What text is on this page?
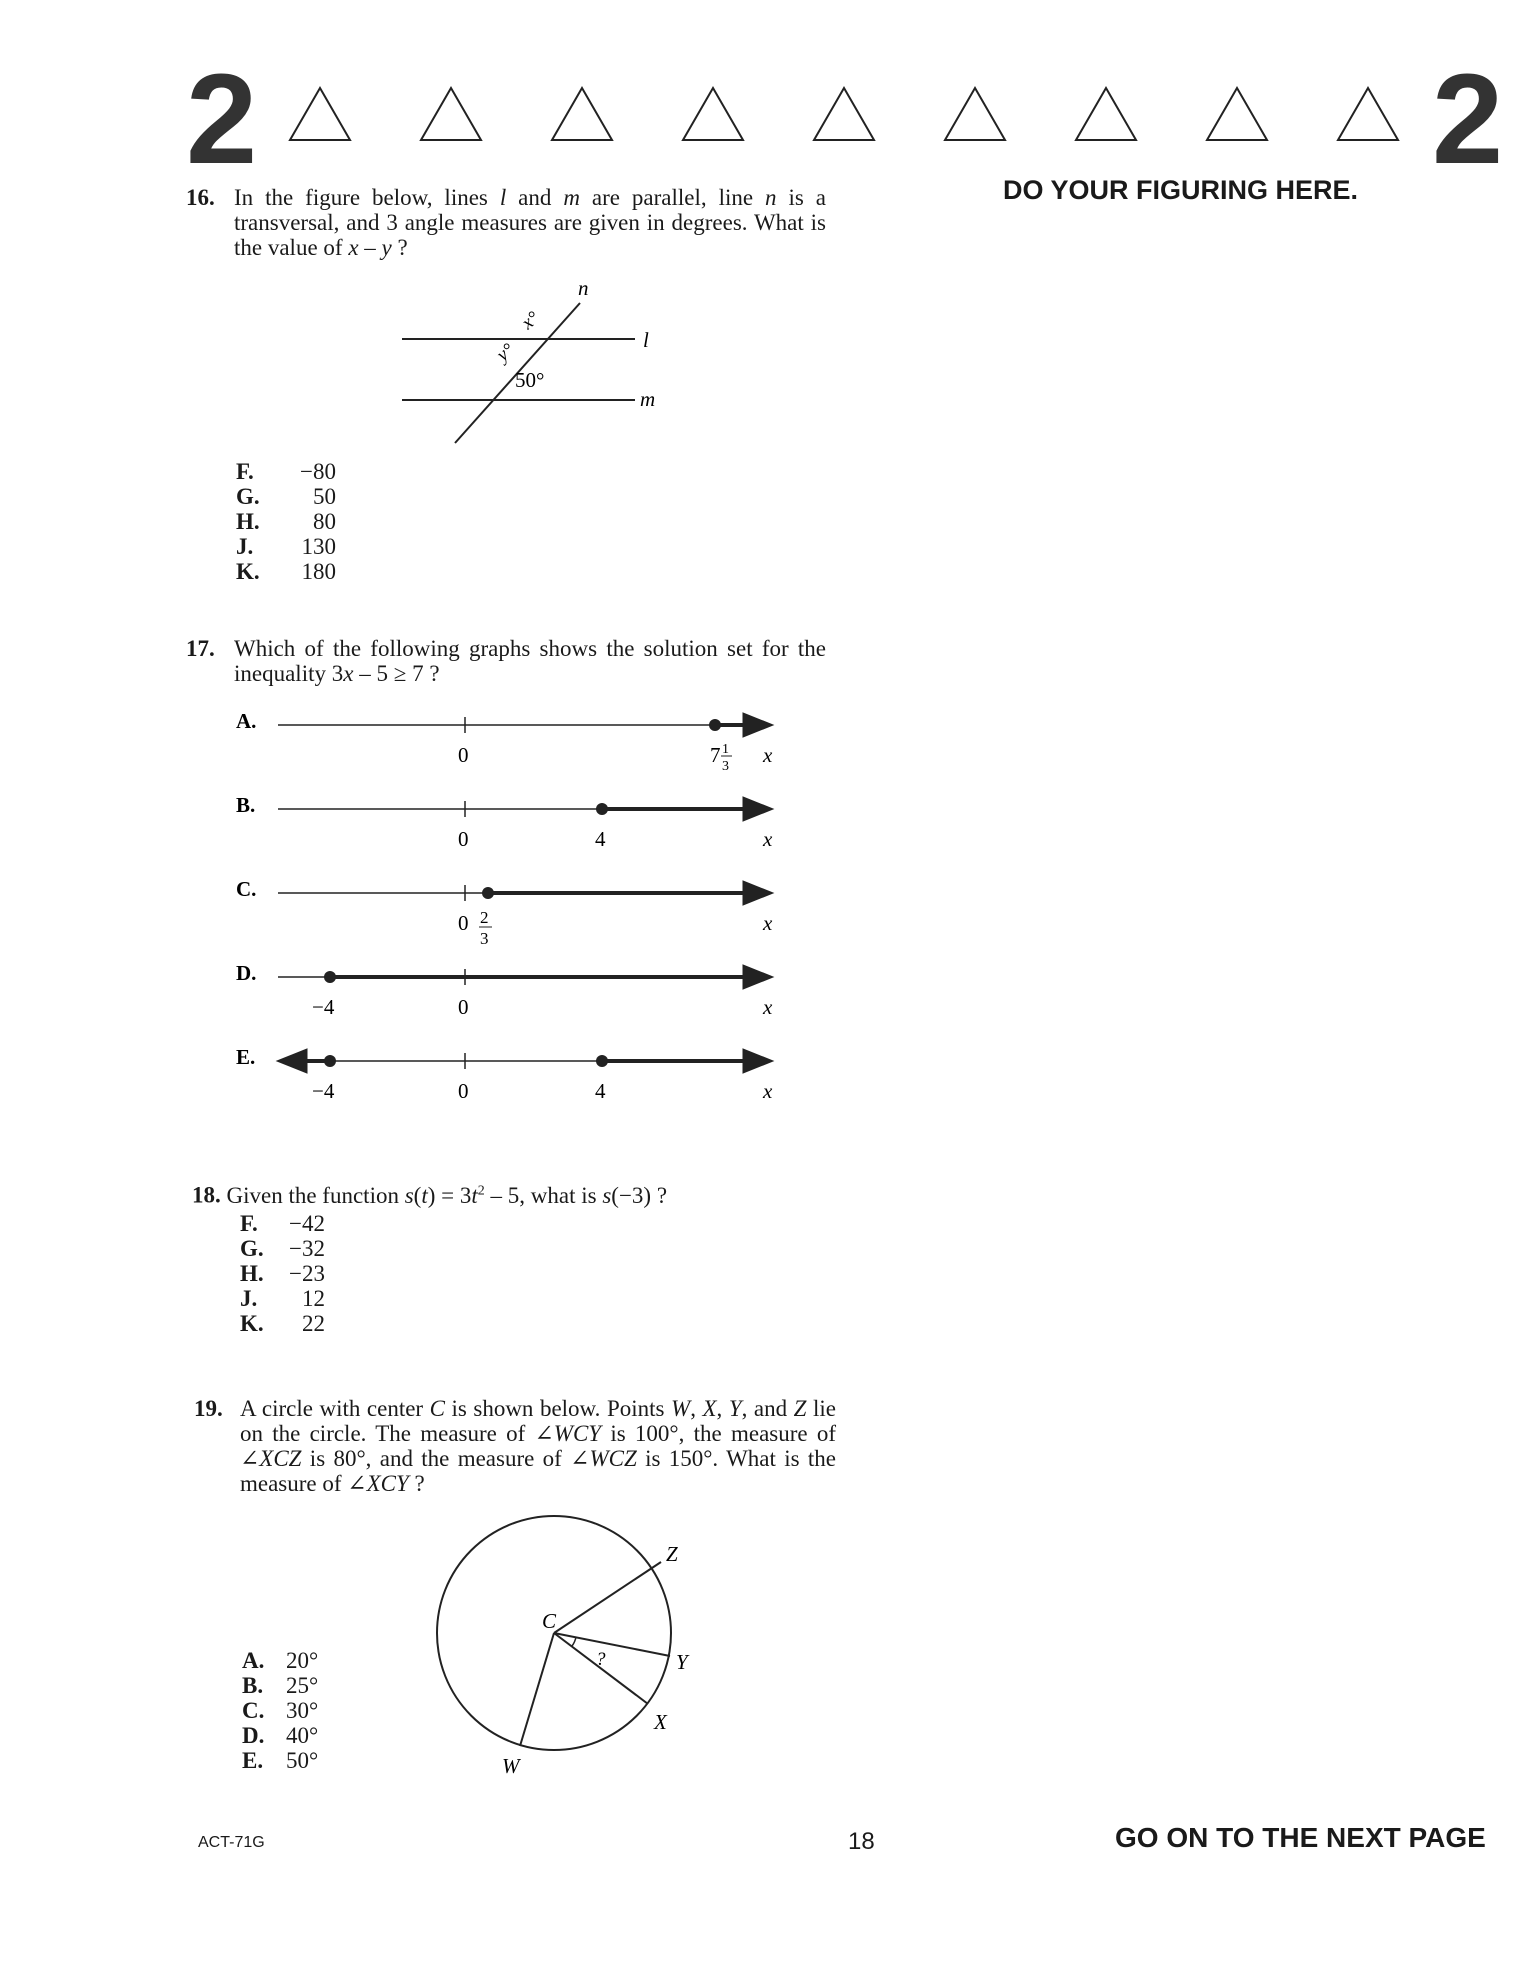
2	2
DO YOUR FIGURING HERE.
16. In the figure below, lines l and m are parallel, line n is a transversal, and 3 angle measures are given in degrees. What is the value of x – y ?
n
l
m
x°
y°
50°
F. −80
G. 50
H. 80
J. 130
K. 180
17. Which of the following graphs shows the solution set for the inequality 3x – 5 ≥ 7 ?
A.
0	7 1
3 x
B.
0	4	x
C.
0 2
3
x
D.
−4	0	x
E.
−4	0	4	x
18. Given the function $s(t) = 3t^2 - 5$, what is s(−3) ?
F. −42
G. −32
H. −23
J. 12
K. 22
19. A circle with center C is shown below. Points W, X, Y, and Z lie on the circle. The measure of ∠WCY is 100°, the measure of ∠XCZ is 80°, and the measure of ∠WCZ is 150°. What is the measure of ∠XCY ?
C
Z
Y
X
W
?
A. 20°
B. 25°
C. 30°
D. 40°
E. 50°
ACT-71G	18	GO ON TO THE NEXT PAGE
